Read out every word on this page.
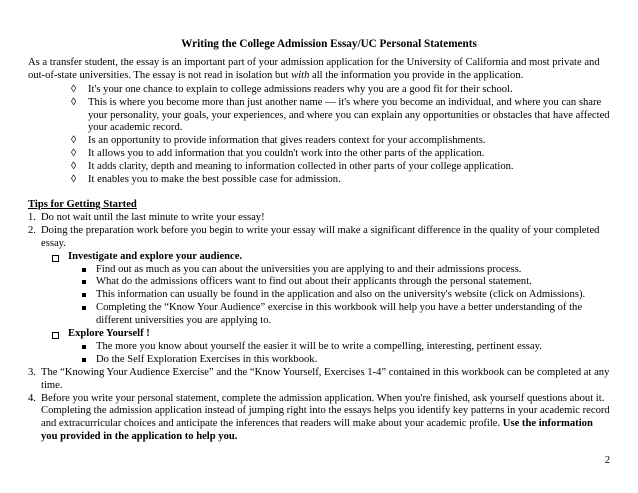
Writing the College Admission Essay/UC Personal Statements

As a transfer student, the essay is an important part of your admission application for the University of California and most private and out-of-state universities. The essay is not read in isolation but with all the information you provide in the application.

◊ It's your one chance to explain to college admissions readers why you are a good fit for their school.
◊ This is where you become more than just another name — it's where you become an individual, and where you can share your personality, your goals, your experiences, and where you can explain any opportunities or obstacles that have affected your academic record.
◊ Is an opportunity to provide information that gives readers context for your accomplishments.
◊ It allows you to add information that you couldn't work into the other parts of the application.
◊ It adds clarity, depth and meaning to information collected in other parts of your college application.
◊ It enables you to make the best possible case for admission.
Tips for Getting Started
1. Do not wait until the last minute to write your essay!
2. Doing the preparation work before you begin to write your essay will make a significant difference in the quality of your completed essay.
Investigate and explore your audience.
Find out as much as you can about the universities you are applying to and their admissions process.
What do the admissions officers want to find out about their applicants through the personal statement.
This information can usually be found in the application and also on the university's website (click on Admissions).
Completing the “Know Your Audience” exercise in this workbook will help you have a better understanding of the different universities you are applying to.
Explore Yourself !
The more you know about yourself the easier it will be to write a compelling, interesting, pertinent essay.
Do the Self Exploration Exercises in this workbook.
3. The “Knowing Your Audience Exercise” and the “Know Yourself, Exercises 1-4” contained in this workbook can be completed at any time.
4. Before you write your personal statement, complete the admission application. When you're finished, ask yourself questions about it. Completing the admission application instead of jumping right into the essays helps you identify key patterns in your academic record and extracurricular choices and anticipate the inferences that readers will make about your academic profile. Use the information you provided in the application to help you.
2
